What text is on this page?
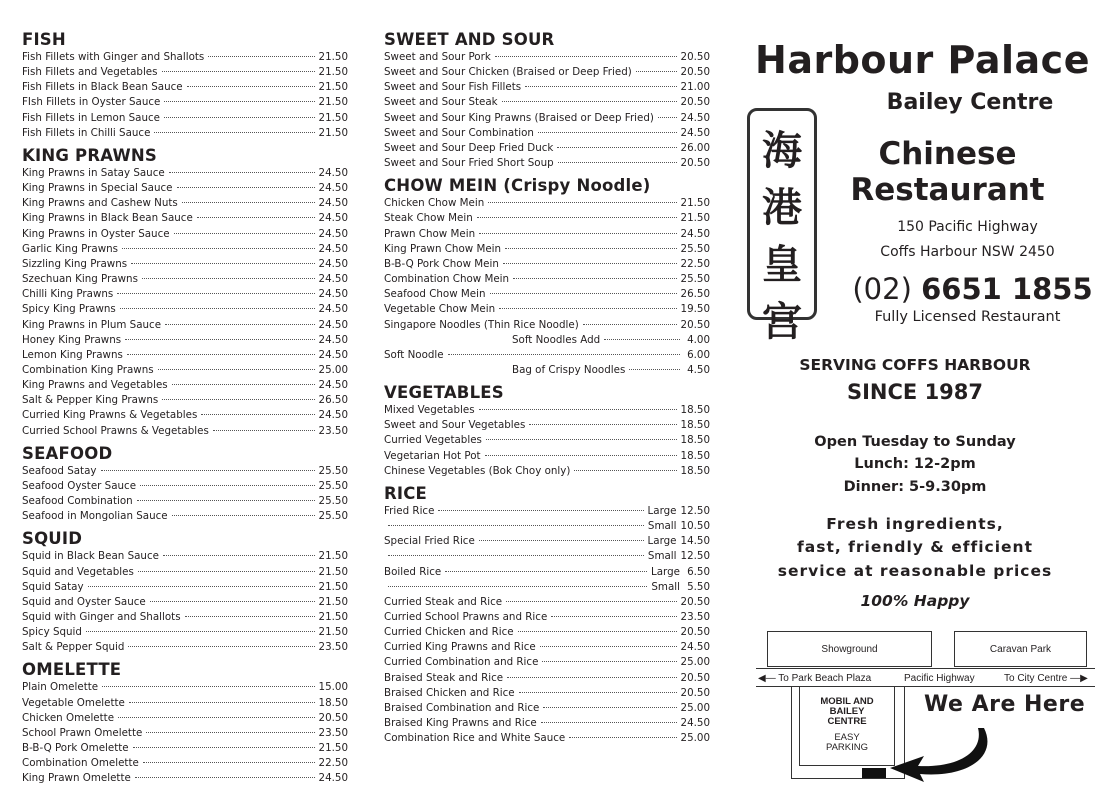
FISH
Fish Fillets with Ginger and Shallots	21.50
Fish Fillets and Vegetables	21.50
Fish Fillets in Black Bean Sauce	21.50
FIsh Fillets in Oyster Sauce	21.50
Fish Fillets in Lemon Sauce	21.50
Fish Fillets in Chilli Sauce	21.50
KING PRAWNS
King Prawns in Satay Sauce	24.50
King Prawns in Special Sauce	24.50
King Prawns and Cashew Nuts	24.50
King Prawns in Black Bean Sauce	24.50
King Prawns in Oyster Sauce	24.50
Garlic King Prawns	24.50
Sizzling King Prawns	24.50
Szechuan King Prawns	24.50
Chilli King Prawns	24.50
Spicy King Prawns	24.50
King Prawns in Plum Sauce	24.50
Honey King Prawns	24.50
Lemon King Prawns	24.50
Combination King Prawns	25.00
King Prawns and Vegetables	24.50
Salt & Pepper King Prawns	26.50
Curried King Prawns & Vegetables	24.50
Curried School Prawns & Vegetables	23.50
SEAFOOD
Seafood Satay	25.50
Seafood Oyster Sauce	25.50
Seafood Combination	25.50
Seafood in Mongolian Sauce	25.50
SQUID
Squid in Black Bean Sauce	21.50
Squid and Vegetables	21.50
Squid Satay	21.50
Squid and Oyster Sauce	21.50
Squid with Ginger and Shallots	21.50
Spicy Squid	21.50
Salt & Pepper Squid	23.50
OMELETTE
Plain Omelette	15.00
Vegetable Omelette	18.50
Chicken Omelette	20.50
School Prawn Omelette	23.50
B-B-Q Pork Omelette	21.50
Combination Omelette	22.50
King Prawn Omelette	24.50
SWEET AND SOUR
Sweet and Sour Pork	20.50
Sweet and Sour Chicken (Braised or Deep Fried)	20.50
Sweet and Sour Fish Fillets	21.00
Sweet and Sour Steak	20.50
Sweet and Sour King Prawns (Braised or Deep Fried)	24.50
Sweet and Sour Combination	24.50
Sweet and Sour Deep Fried Duck	26.00
Sweet and Sour Fried Short Soup	20.50
CHOW MEIN (Crispy Noodle)
Chicken Chow Mein	21.50
Steak Chow Mein	21.50
Prawn Chow Mein	24.50
King Prawn Chow Mein	25.50
B-B-Q Pork Chow Mein	22.50
Combination Chow Mein	25.50
Seafood Chow Mein	26.50
Vegetable Chow Mein	19.50
Singapore Noodles (Thin Rice Noodle)	20.50
Soft Noodles Add	4.00
Soft Noodle	6.00
Bag of Crispy Noodles	4.50
VEGETABLES
Mixed Vegetables	18.50
Sweet and Sour Vegetables	18.50
Curried Vegetables	18.50
Vegetarian Hot Pot	18.50
Chinese Vegetables (Bok Choy only)	18.50
RICE
Fried Rice	Large 12.50
Small 10.50
Special Fried Rice	Large 14.50
Small 12.50
Boiled Rice	Large 6.50
Small 5.50
Curried Steak and Rice	20.50
Curried School Prawns and Rice	23.50
Curried Chicken and Rice	20.50
Curried King Prawns and Rice	24.50
Curried Combination and Rice	25.00
Braised Steak and Rice	20.50
Braised Chicken and Rice	20.50
Braised Combination and Rice	25.00
Braised King Prawns and Rice	24.50
Combination Rice and White Sauce	25.00
Harbour Palace
Bailey Centre
海
港
皇
宫
Chinese
Restaurant
150 Pacific Highway
Coffs Harbour NSW 2450
(02) 6651 1855
Fully Licensed Restaurant
SERVING COFFS HARBOUR
SINCE 1987
Open Tuesday to Sunday
Lunch: 12-2pm
Dinner: 5-9.30pm
Fresh ingredients,
fast, friendly & efficient
service at reasonable prices
100% Happy
Showground	Caravan Park
◀— To Park Beach Plaza	Pacific Highway	To City Centre —▶
MOBIL AND BAILEY CENTRE
EASY PARKING
We Are Here
